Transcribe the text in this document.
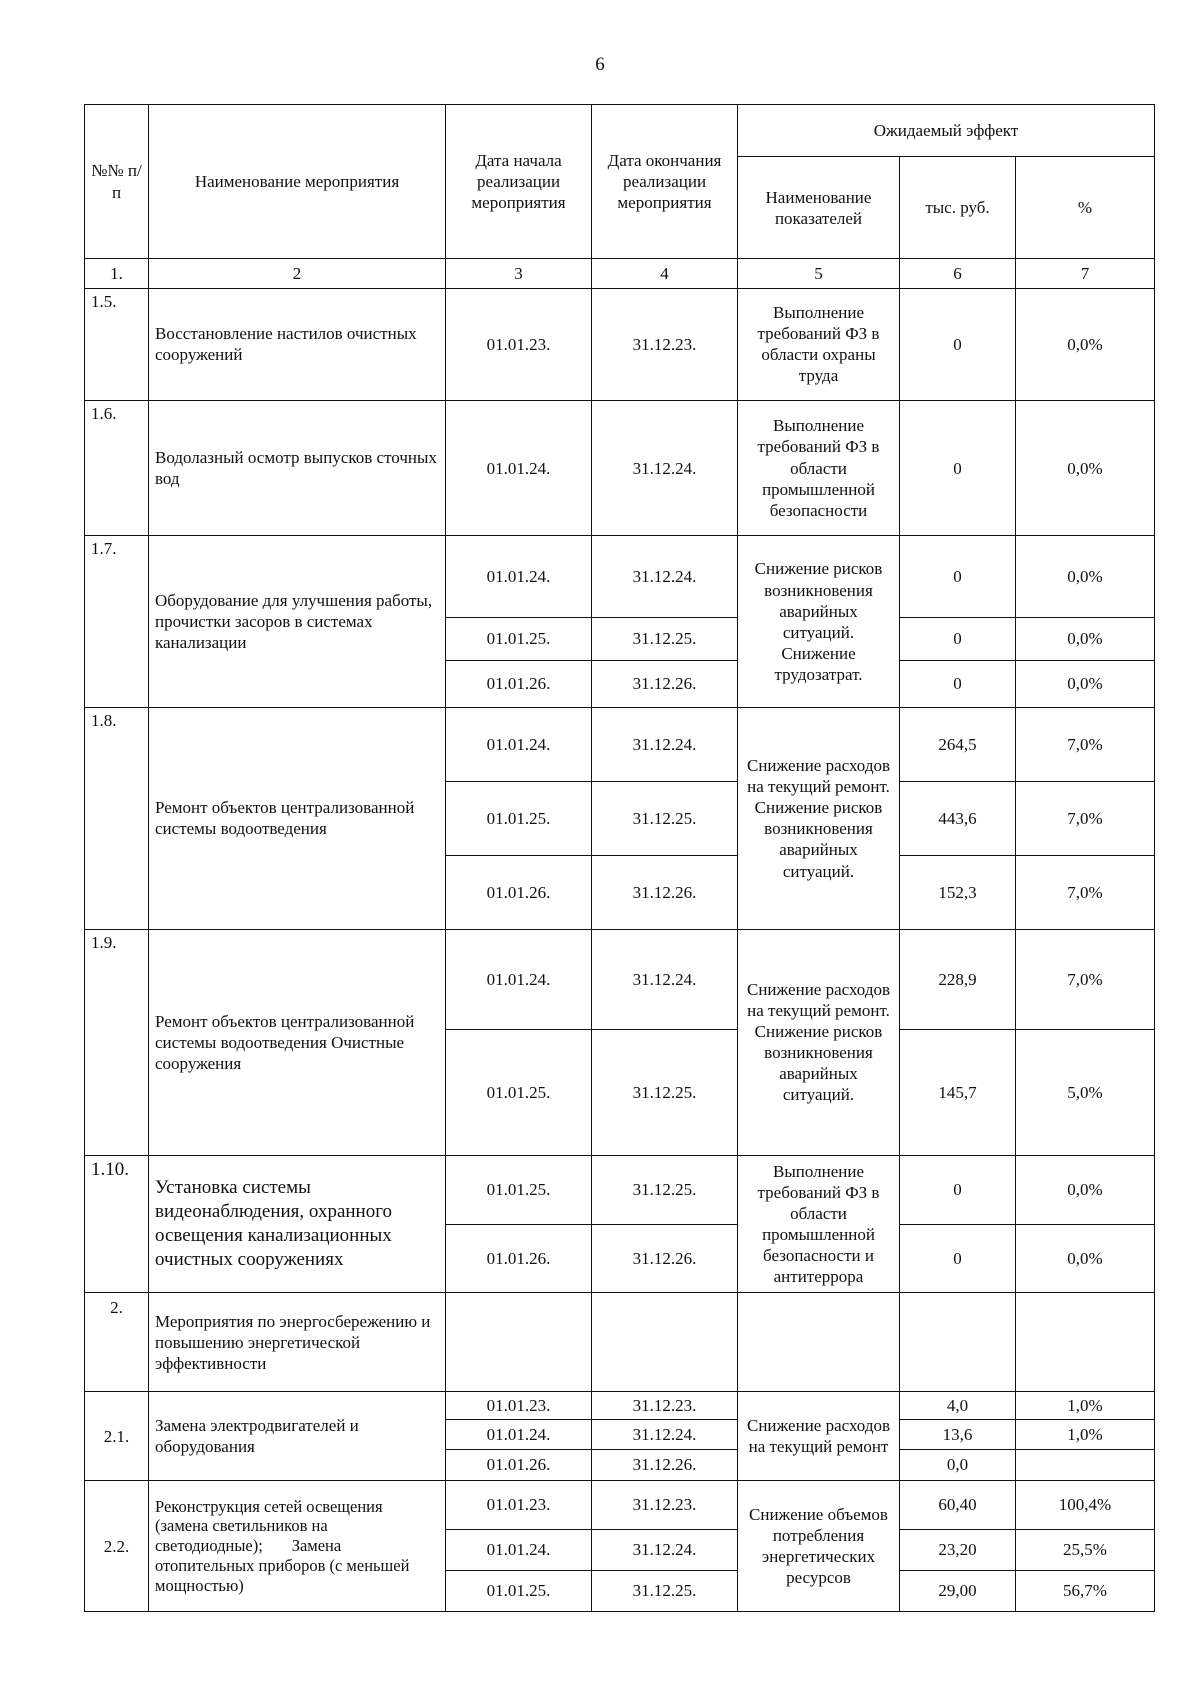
6
№№ п/п	Наименование мероприятия	Дата начала реализации мероприятия	Дата окончания реализации мероприятия	Ожидаемый эффект		
				Наименование показателей	тыс. руб.	%
1.	2	3	4	5	6	7
1.5.	Восстановление настилов очистных сооружений	01.01.23.	31.12.23.	Выполнение требований ФЗ в области охраны труда	0	0,0%
1.6.	Водолазный осмотр выпусков сточных вод	01.01.24.	31.12.24.	Выполнение требований ФЗ в области промышленной безопасности	0	0,0%
1.7.	Оборудование для улучшения работы, прочистки засоров в системах канализации	01.01.24.	31.12.24.	Снижение рисков возникновения аварийных ситуаций. Снижение трудозатрат.	0	0,0%
		01.01.25.	31.12.25.		0	0,0%
		01.01.26.	31.12.26.		0	0,0%
1.8.	Ремонт объектов централизованной системы водоотведения	01.01.24.	31.12.24.	Снижение расходов на текущий ремонт. Снижение рисков возникновения аварийных ситуаций.	264,5	7,0%
		01.01.25.	31.12.25.		443,6	7,0%
		01.01.26.	31.12.26.		152,3	7,0%
1.9.	Ремонт объектов централизованной системы водоотведения Очистные сооружения	01.01.24.	31.12.24.	Снижение расходов на текущий ремонт. Снижение рисков возникновения аварийных ситуаций.	228,9	7,0%
		01.01.25.	31.12.25.		145,7	5,0%
1.10.	Установка системы видеонаблюдения, охранного освещения канализационных очистных сооружениях	01.01.25.	31.12.25.	Выполнение требований ФЗ в области промышленной безопасности и антитеррора	0	0,0%
		01.01.26.	31.12.26.		0	0,0%
2.	Мероприятия по энергосбережению и повышению энергетической эффективности					
2.1.	Замена электродвигателей и оборудования	01.01.23.	31.12.23.	Снижение расходов на текущий ремонт	4,0	1,0%
		01.01.24.	31.12.24.		13,6	1,0%
		01.01.26.	31.12.26.		0,0	
2.2.	Реконструкция сетей освещения (замена светильников на светодиодные);       Замена отопительных приборов (с меньшей мощностью)	01.01.23.	31.12.23.	Снижение объемов потребления энергетических ресурсов	60,40	100,4%
		01.01.24.	31.12.24.		23,20	25,5%
		01.01.25.	31.12.25.		29,00	56,7%
